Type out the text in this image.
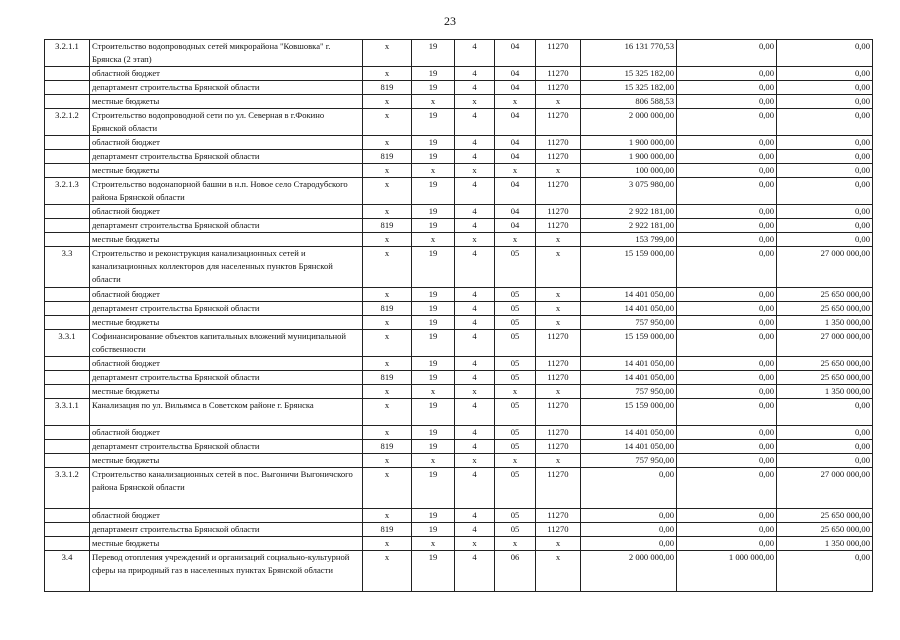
23
3.2.1.1	Строительство водопроводных сетей микрорайона "Ковшовка" г. Брянска (2 этап)	х	19	4	04	11270	16 131 770,53	0,00	0,00
	областной бюджет	х	19	4	04	11270	15 325 182,00	0,00	0,00
	департамент строительства Брянской области	819	19	4	04	11270	15 325 182,00	0,00	0,00
	местные бюджеты	х	х	х	х	х	806 588,53	0,00	0,00
3.2.1.2	Строительство водопроводной сети по ул. Северная в г.Фокино Брянской области	х	19	4	04	11270	2 000 000,00	0,00	0,00
	областной бюджет	х	19	4	04	11270	1 900 000,00	0,00	0,00
	департамент строительства Брянской области	819	19	4	04	11270	1 900 000,00	0,00	0,00
	местные бюджеты	х	х	х	х	х	100 000,00	0,00	0,00
3.2.1.3	Строительство водонапорной башни в н.п. Новое село Стародубского района Брянской области	х	19	4	04	11270	3 075 980,00	0,00	0,00
	областной бюджет	х	19	4	04	11270	2 922 181,00	0,00	0,00
	департамент строительства Брянской области	819	19	4	04	11270	2 922 181,00	0,00	0,00
	местные бюджеты	х	х	х	х	х	153 799,00	0,00	0,00
3.3	Строительство и реконструкция канализационных сетей и канализационных коллекторов для населенных пунктов Брянской области	х	19	4	05	х	15 159 000,00	0,00	27 000 000,00
	областной бюджет	х	19	4	05	х	14 401 050,00	0,00	25 650 000,00
	департамент строительства Брянской области	819	19	4	05	х	14 401 050,00	0,00	25 650 000,00
	местные бюджеты	х	19	4	05	х	757 950,00	0,00	1 350 000,00
3.3.1	Софинансирование объектов капитальных вложений муниципальной собственности	х	19	4	05	11270	15 159 000,00	0,00	27 000 000,00
	областной бюджет	х	19	4	05	11270	14 401 050,00	0,00	25 650 000,00
	департамент строительства Брянской области	819	19	4	05	11270	14 401 050,00	0,00	25 650 000,00
	местные бюджеты	х	х	х	х	х	757 950,00	0,00	1 350 000,00
3.3.1.1	Канализация по ул. Вильямса в Советском районе г. Брянска	х	19	4	05	11270	15 159 000,00	0,00	0,00
	областной бюджет	х	19	4	05	11270	14 401 050,00	0,00	0,00
	департамент строительства Брянской области	819	19	4	05	11270	14 401 050,00	0,00	0,00
	местные бюджеты	х	х	х	х	х	757 950,00	0,00	0,00
3.3.1.2	Строительство канализационных сетей в пос. Выгоничи Выгоничского района Брянской области	х	19	4	05	11270	0,00	0,00	27 000 000,00
	областной бюджет	х	19	4	05	11270	0,00	0,00	25 650 000,00
	департамент строительства Брянской области	819	19	4	05	11270	0,00	0,00	25 650 000,00
	местные бюджеты	х	х	х	х	х	0,00	0,00	1 350 000,00
3.4	Перевод отопления учреждений и организаций социально-культурной сферы на природный газ в населенных пунктах Брянской области	х	19	4	06	х	2 000 000,00	1 000 000,00	0,00
